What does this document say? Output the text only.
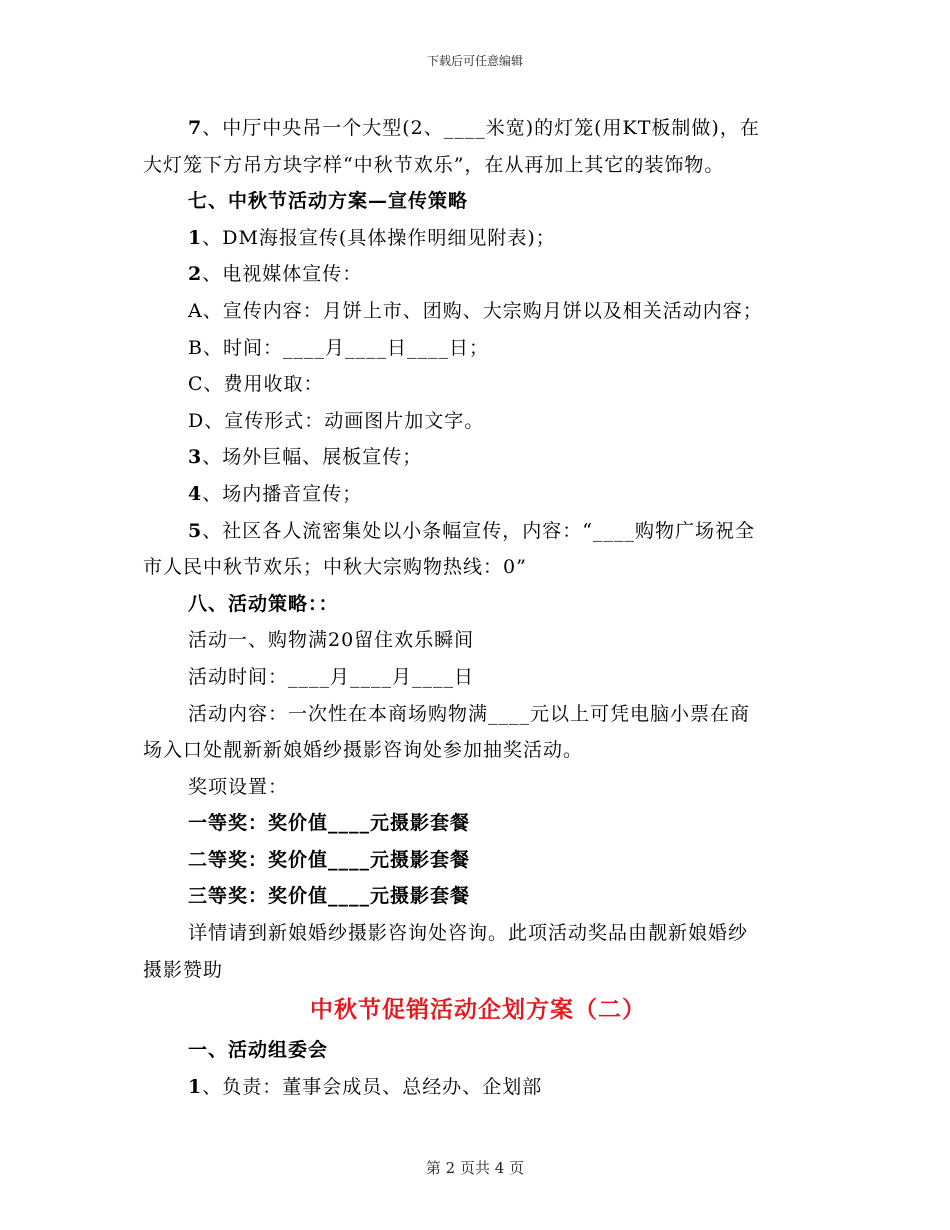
下载后可任意编辑

7、中厅中央吊一个大型(2、____米宽)的灯笼(用KT板制做)，在

大灯笼下方吊方块字样“中秋节欢乐”，在从再加上其它的装饰物。

七、中秋节活动方案—宣传策略

1、DM海报宣传(具体操作明细见附表)；

2、电视媒体宣传：

A、宣传内容：月饼上市、团购、大宗购月饼以及相关活动内容；

B、时间：____月____日____日；

C、费用收取：

D、宣传形式：动画图片加文字。

3、场外巨幅、展板宣传；

4、场内播音宣传；

5、社区各人流密集处以小条幅宣传，内容：“____购物广场祝全

市人民中秋节欢乐；中秋大宗购物热线：0”

八、活动策略：：

活动一、购物满20留住欢乐瞬间

活动时间：____月____月____日

活动内容：一次性在本商场购物满____元以上可凭电脑小票在商

场入口处靓新新娘婚纱摄影咨询处参加抽奖活动。

奖项设置：

一等奖：奖价值____元摄影套餐

二等奖：奖价值____元摄影套餐

三等奖：奖价值____元摄影套餐

详情请到新娘婚纱摄影咨询处咨询。此项活动奖品由靓新娘婚纱

摄影赞助

中秋节促销活动企划方案（二）

一、活动组委会

1、负责：董事会成员、总经办、企划部

第 2 页共 4 页
